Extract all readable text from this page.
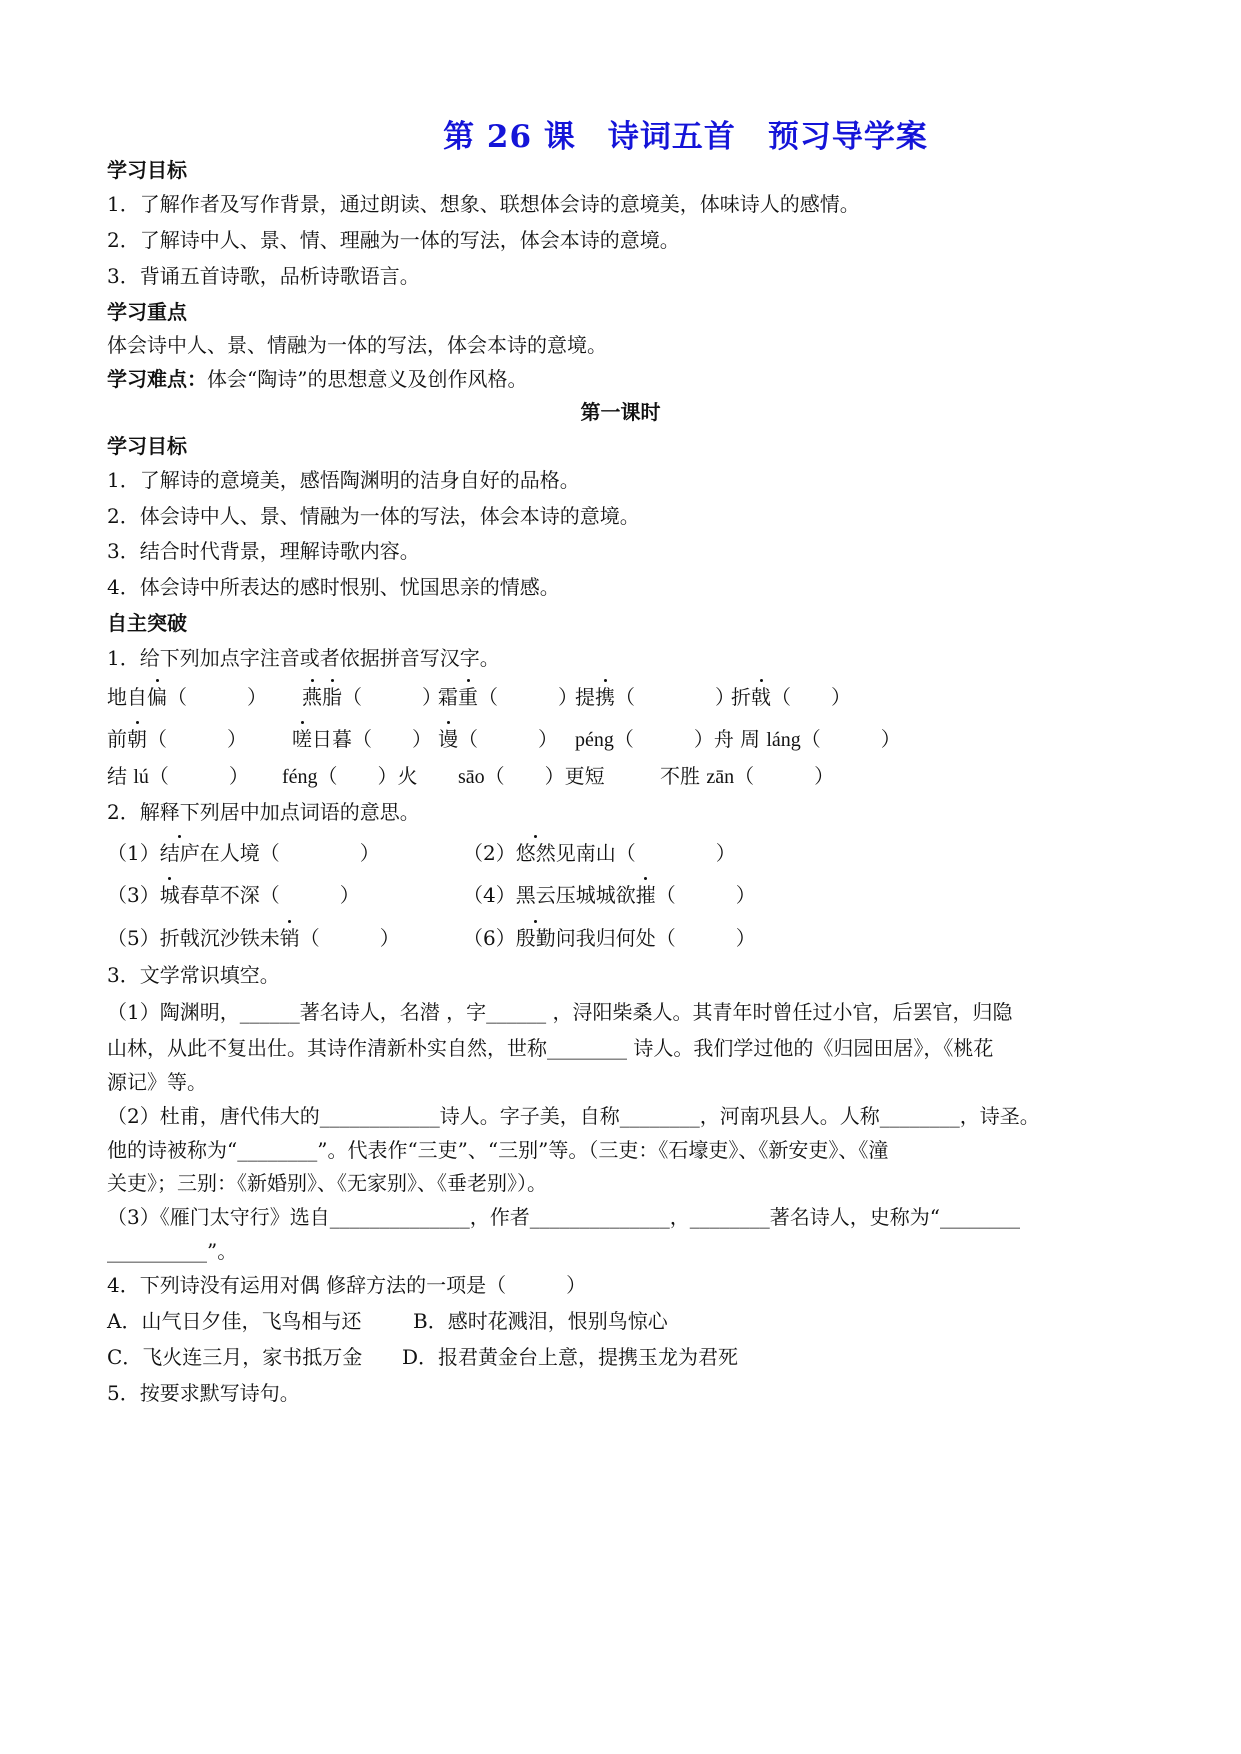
第 26 课　诗词五首　预习导学案
学习目标
1．了解作者及写作背景，通过朗读、想象、联想体会诗的意境美，体味诗人的感情。
2．了解诗中人、景、情、理融为一体的写法，体会本诗的意境。
3．背诵五首诗歌，品析诗歌语言。
学习重点
体会诗中人、景、情融为一体的写法，体会本诗的意境。
学习难点：体会“陶诗”的思想意义及创作风格。
第一课时
学习目标
1．了解诗的意境美，感悟陶渊明的洁身自好的品格。
2．体会诗中人、景、情融为一体的写法，体会本诗的意境。
3．结合时代背景，理解诗歌内容。
4．体会诗中所表达的感时恨别、忧国思亲的情感。
自主突破
1．给下列加点字注音或者依据拼音写汉字。
地自偏（　　　） 燕脂（　　　）
霜重（　　　）
提携（　　　　）
折戟（　　）
前朝（　　　） 嗟日暮（　　） 谩（　　　） péng（　　　）舟 周 láng（　　　）
结 lú（　　　） féng（　　）火 sāo（　　）更短	不胜 zān（　　　）
2．解释下列居中加点词语的意思。
（1）结庐在人境（　　　　）	（2）悠然见南山（　　　　）
（3）城春草不深（　　　）	（4）黑云压城城欲摧（　　　）
（5）折戟沉沙铁未销（　　　）	（6）殷勤问我归何处（　　　）
3．文学常识填空。
（1）陶渊明，______著名诗人，名潜 ，字______ ，浔阳柴桑人。其青年时曾任过小官，后罢官，归隐
山林，从此不复出仕。其诗作清新朴实自然，世称________ 诗人。我们学过他的《归园田居》，《桃花
源记》等。
（2）杜甫，唐代伟大的____________诗人。字子美，自称________，河南巩县人。人称________，诗圣。
他的诗被称为“________”。代表作“三吏”、“三别”等。（三吏：《石壕吏》、《新安吏》、《潼
关吏》；三别：《新婚别》、《无家别》、《垂老别》）。
（3）《雁门太守行》选自______________，作者______________，________著名诗人，史称为“________
__________”。
4．下列诗没有运用对偶 修辞方法的一项是（　　　）
A．山气日夕佳，飞鸟相与还	B．感时花溅泪，恨别鸟惊心
C．飞火连三月，家书抵万金 D．报君黄金台上意，提携玉龙为君死
5．按要求默写诗句。
